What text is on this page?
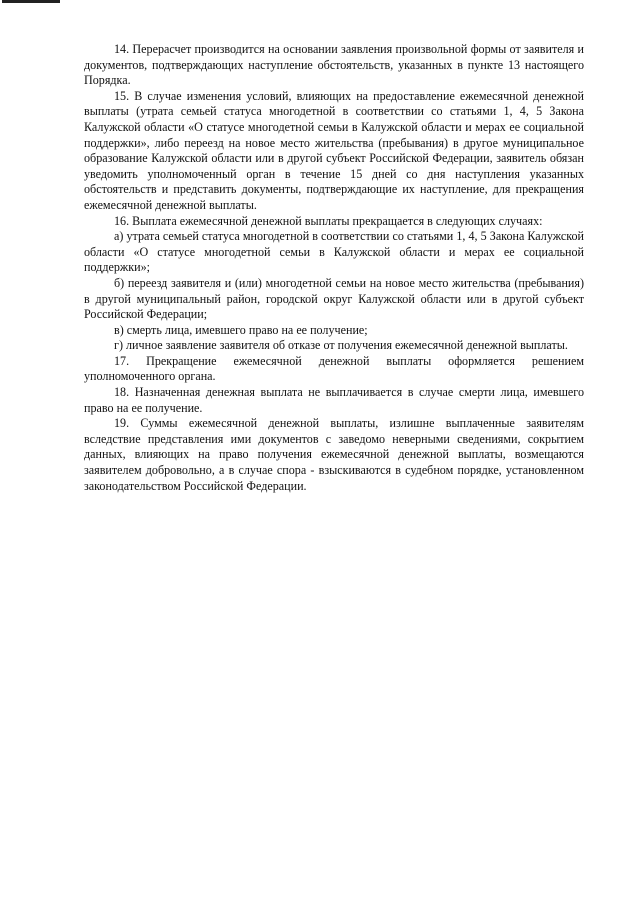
14. Перерасчет производится на основании заявления произвольной формы от заявителя и документов, подтверждающих наступление обстоятельств, указанных в пункте 13 настоящего Порядка.

15. В случае изменения условий, влияющих на предоставление ежемесячной денежной выплаты (утрата семьей статуса многодетной в соответствии со статьями 1, 4, 5 Закона Калужской области «О статусе многодетной семьи в Калужской области и мерах ее социальной поддержки», либо переезд на новое место жительства (пребывания) в другое муниципальное образование Калужской области или в другой субъект Российской Федерации, заявитель обязан уведомить уполномоченный орган в течение 15 дней со дня наступления указанных обстоятельств и представить документы, подтверждающие их наступление, для прекращения ежемесячной денежной выплаты.

16. Выплата ежемесячной денежной выплаты прекращается в следующих случаях:

а) утрата семьей статуса многодетной в соответствии со статьями 1, 4, 5 Закона Калужской области «О статусе многодетной семьи в Калужской области и мерах ее социальной поддержки»;

б) переезд заявителя и (или) многодетной семьи на новое место жительства (пребывания) в другой муниципальный район, городской округ Калужской области или в другой субъект Российской Федерации;

в) смерть лица, имевшего право на ее получение;

г) личное заявление заявителя об отказе от получения ежемесячной денежной выплаты.

17. Прекращение ежемесячной денежной выплаты оформляется решением уполномоченного органа.

18. Назначенная денежная выплата не выплачивается в случае смерти лица, имевшего право на ее получение.

19. Суммы ежемесячной денежной выплаты, излишне выплаченные заявителям вследствие представления ими документов с заведомо неверными сведениями, сокрытием данных, влияющих на право получения ежемесячной денежной выплаты, возмещаются заявителем добровольно, а в случае спора - взыскиваются в судебном порядке, установленном законодательством Российской Федерации.
